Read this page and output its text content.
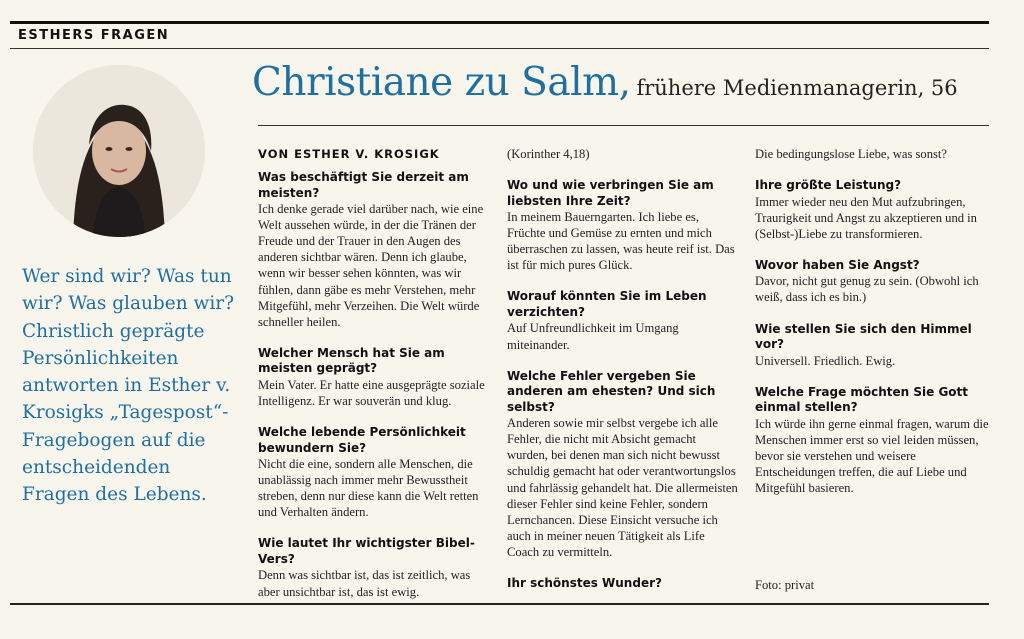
ESTHERS FRAGEN
Wer sind wir? Was tun wir? Was glauben wir? Christlich geprägte Persönlichkeiten antworten in Esther v. Krosigks „Tagespost“-Fragebogen auf die entscheidenden Fragen des Lebens.
Christiane zu Salm, frühere Medienmanagerin, 56
VON ESTHER V. KROSIGK
Was beschäftigt Sie derzeit am meisten?

Ich denke gerade viel darüber nach, wie eine Welt aussehen würde, in der die Tränen der Freude und der Trauer in den Augen des anderen sichtbar wären. Denn ich glaube, wenn wir besser sehen könnten, was wir fühlen, dann gäbe es mehr Verstehen, mehr Mitgefühl, mehr Verzeihen. Die Welt würde schneller heilen.

Welcher Mensch hat Sie am meisten geprägt?

Mein Vater. Er hatte eine ausgeprägte soziale Intelligenz. Er war souverän und klug.

Welche lebende Persönlichkeit bewundern Sie?

Nicht die eine, sondern alle Menschen, die unablässig nach immer mehr Bewusstheit streben, denn nur diese kann die Welt retten und Verhalten ändern.

Wie lautet Ihr wichtigster Bibel-Vers?

Denn was sichtbar ist, das ist zeitlich, was aber unsichtbar ist, das ist ewig.

(Korinther 4,18)

Wo und wie verbringen Sie am liebsten Ihre Zeit?

In meinem Bauerngarten. Ich liebe es, Früchte und Gemüse zu ernten und mich überraschen zu lassen, was heute reif ist. Das ist für mich pures Glück.

Worauf könnten Sie im Leben verzichten?

Auf Unfreundlichkeit im Umgang miteinander.

Welche Fehler vergeben Sie anderen am ehesten? Und sich selbst?

Anderen sowie mir selbst vergebe ich alle Fehler, die nicht mit Absicht gemacht wurden, bei denen man sich nicht bewusst schuldig gemacht hat oder verantwortungslos und fahrlässig gehandelt hat. Die allermeisten dieser Fehler sind keine Fehler, sondern Lernchancen. Diese Einsicht versuche ich auch in meiner neuen Tätigkeit als Life Coach zu vermitteln.

Ihr schönstes Wunder?

Die bedingungslose Liebe, was sonst?

Ihre größte Leistung?

Immer wieder neu den Mut aufzubringen, Traurigkeit und Angst zu akzeptieren und in (Selbst-)Liebe zu transformieren.

Wovor haben Sie Angst?

Davor, nicht gut genug zu sein. (Obwohl ich weiß, dass ich es bin.)

Wie stellen Sie sich den Himmel vor?

Universell. Friedlich. Ewig.

Welche Frage möchten Sie Gott einmal stellen?

Ich würde ihn gerne einmal fragen, warum die Menschen immer erst so viel leiden müssen, bevor sie verstehen und weisere Entscheidungen treffen, die auf Liebe und Mitgefühl basieren.

Foto: privat
